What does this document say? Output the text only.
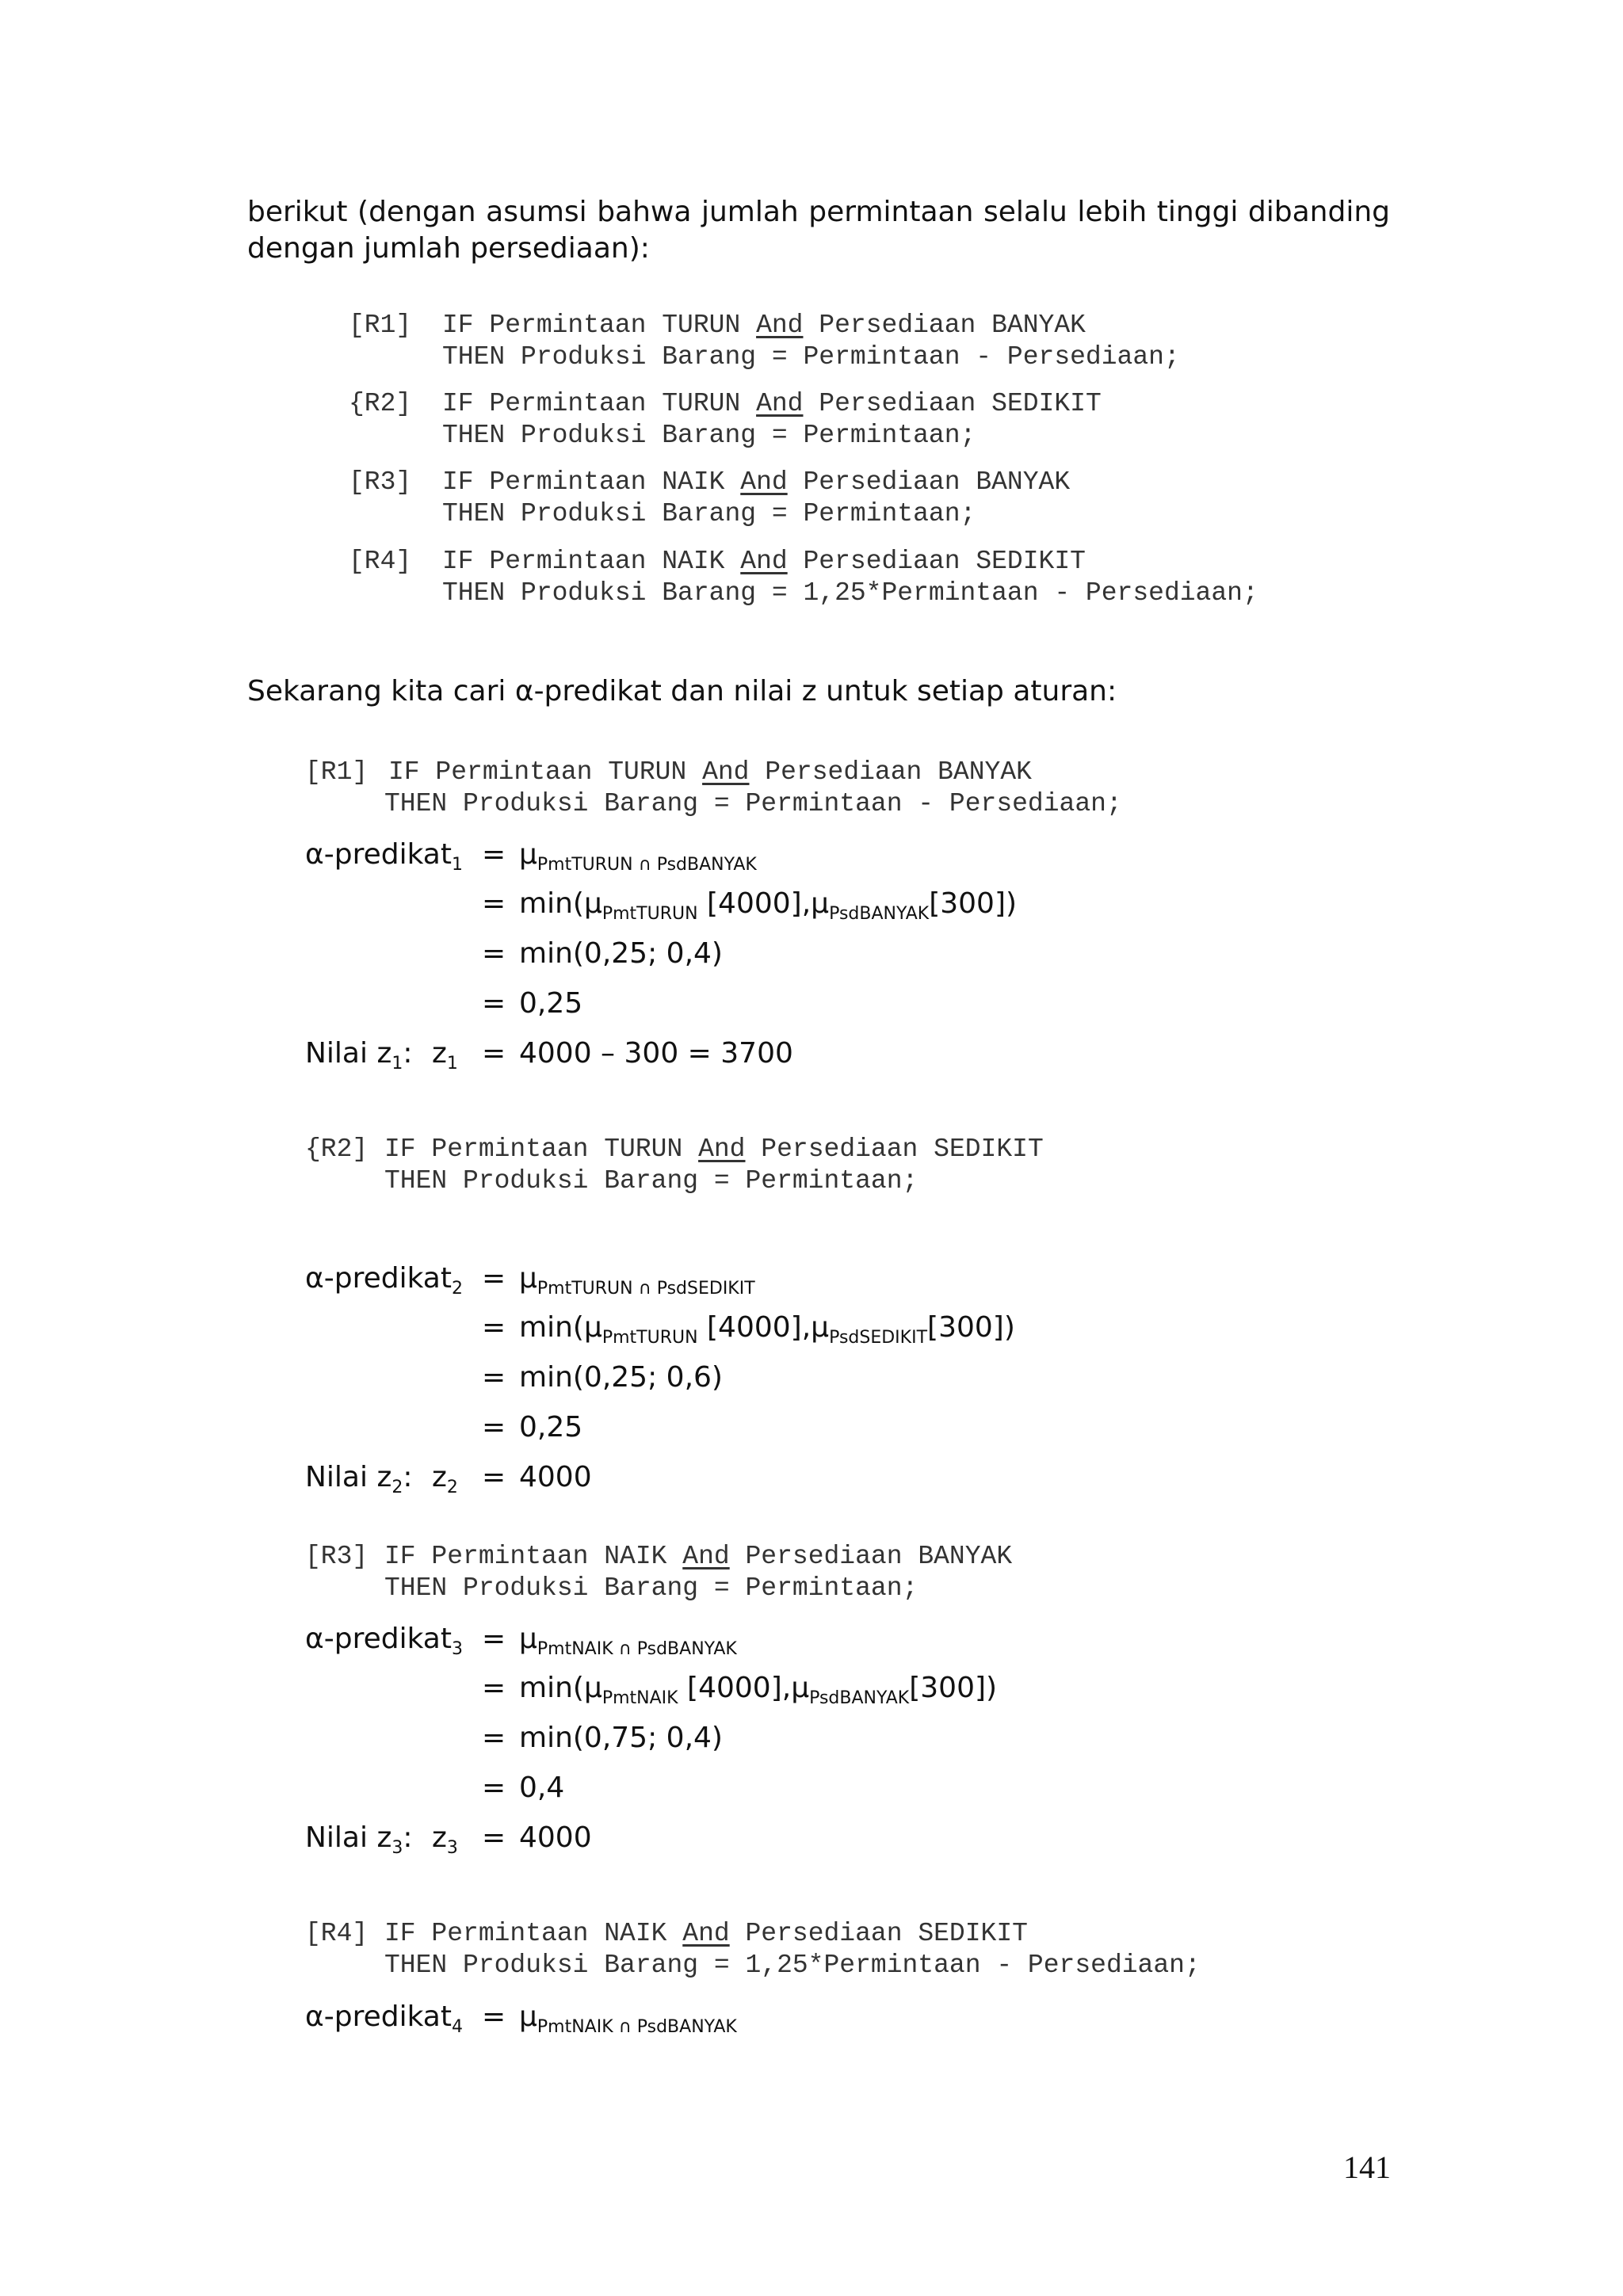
berikut (dengan asumsi bahwa jumlah permintaan selalu lebih tinggi dibanding dengan jumlah persediaan):
[R1] IF Permintaan TURUN And Persediaan BANYAK
THEN Produksi Barang = Permintaan - Persediaan;
{R2] IF Permintaan TURUN And Persediaan SEDIKIT
THEN Produksi Barang = Permintaan;
[R3] IF Permintaan NAIK And Persediaan BANYAK
THEN Produksi Barang = Permintaan;
[R4] IF Permintaan NAIK And Persediaan SEDIKIT
THEN Produksi Barang = 1,25*Permintaan - Persediaan;
Sekarang kita cari α-predikat dan nilai z untuk setiap aturan:
[R1] IF Permintaan TURUN And Persediaan BANYAK
THEN Produksi Barang = Permintaan - Persediaan;
α-predikat$_1$ = $\mu_{PmtTURUN \cap PsdBANYAK}$
= $\min(\mu_{PmtTURUN}$ $[4000],\mu_{PsdBANYAK}[300]$)
= min(0,25; 0,4)
= 0,25
Nilai $z_1$: $z_1 = 4000 - 300 = 3700$
{R2] IF Permintaan TURUN And Persediaan SEDIKIT
THEN Produksi Barang = Permintaan;
α-predikat$_2$ = $\mu_{PmtTURUN \cap PsdSEDIKIT}$
= $\min(\mu_{PmtTURUN}$ $[4000],\mu_{PsdSEDIKIT}[300]$)
= min(0,25; 0,6)
= 0,25
Nilai $z_2$: $z_2 = 4000$
[R3] IF Permintaan NAIK And Persediaan BANYAK
THEN Produksi Barang = Permintaan;
α-predikat$_3$ = $\mu_{PmtNAIK \cap PsdBANYAK}$
= $\min(\mu_{PmtNAIK}$ $[4000],\mu_{PsdBANYAK}[300]$)
= min(0,75; 0,4)
= 0,4
Nilai $z_3$: $z_3 = 4000$
[R4] IF Permintaan NAIK And Persediaan SEDIKIT
THEN Produksi Barang = 1,25*Permintaan - Persediaan;
α-predikat$_4$ = $\mu_{PmtNAIK \cap PsdBANYAK}$
141
